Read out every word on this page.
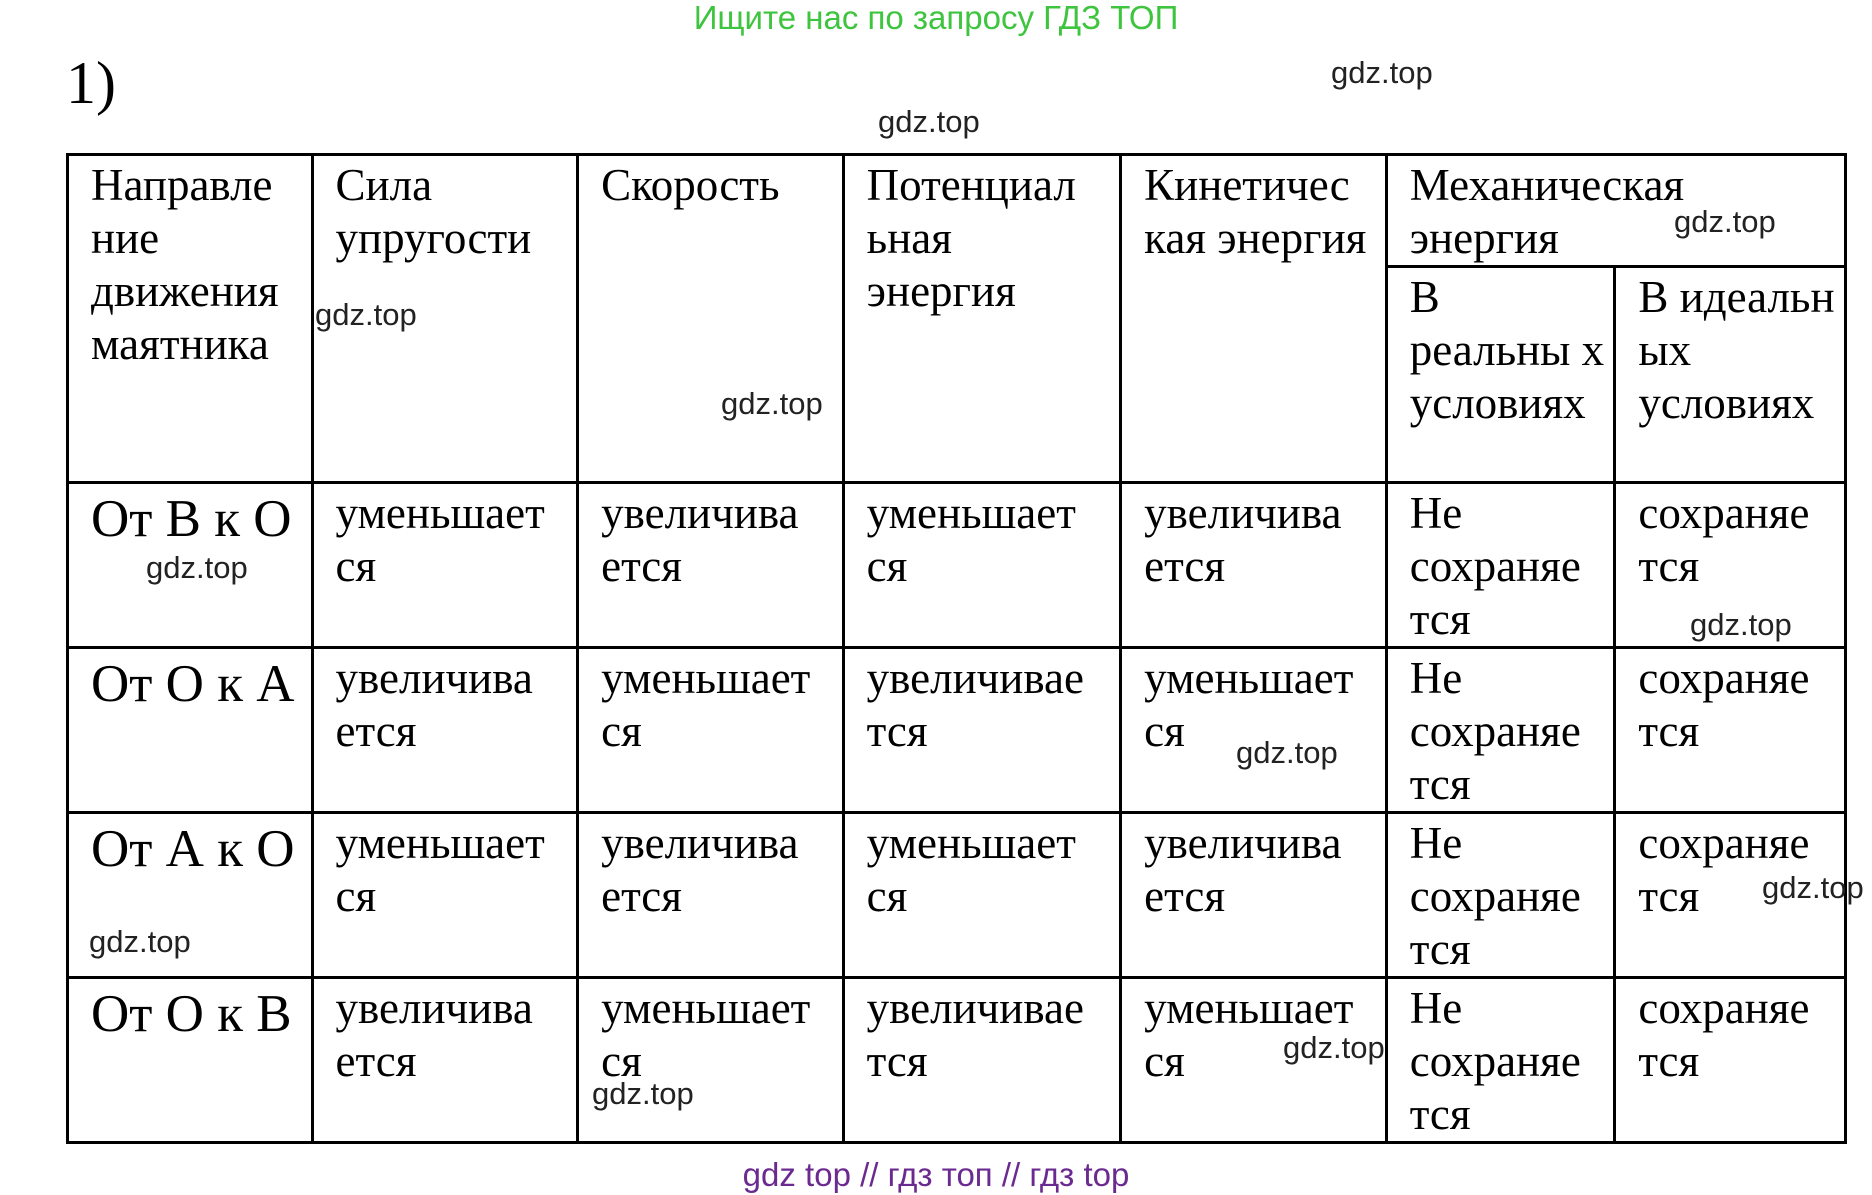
Ищите нас по запросу ГДЗ ТОП
1)
Направле ние движения маятника	Сила упругости	Скорость	Потенциал ьная энергия	Кинетичес кая энергия	Механическая энергия	
					В реальны х условиях	В идеальн ых условиях
От В к О	уменьшает ся	увеличива ется	уменьшает ся	увеличива ется	Не сохраняе тся	сохраняе тся
От О к А	увеличива ется	уменьшает ся	увеличивае тся	уменьшает ся	Не сохраняе тся	сохраняе тся
От А к О	уменьшает ся	увеличива ется	уменьшает ся	увеличива ется	Не сохраняе тся	сохраняе тся
От О к В	увеличива ется	уменьшает ся	увеличивае тся	уменьшает ся	Не сохраняе тся	сохраняе тся
gdz.top
gdz.top
gdz.top
gdz.top
gdz.top
gdz.top
gdz.top
gdz.top
gdz.top
gdz.top
gdz.top
gdz.top
gdz top // гдз топ // гдз top
